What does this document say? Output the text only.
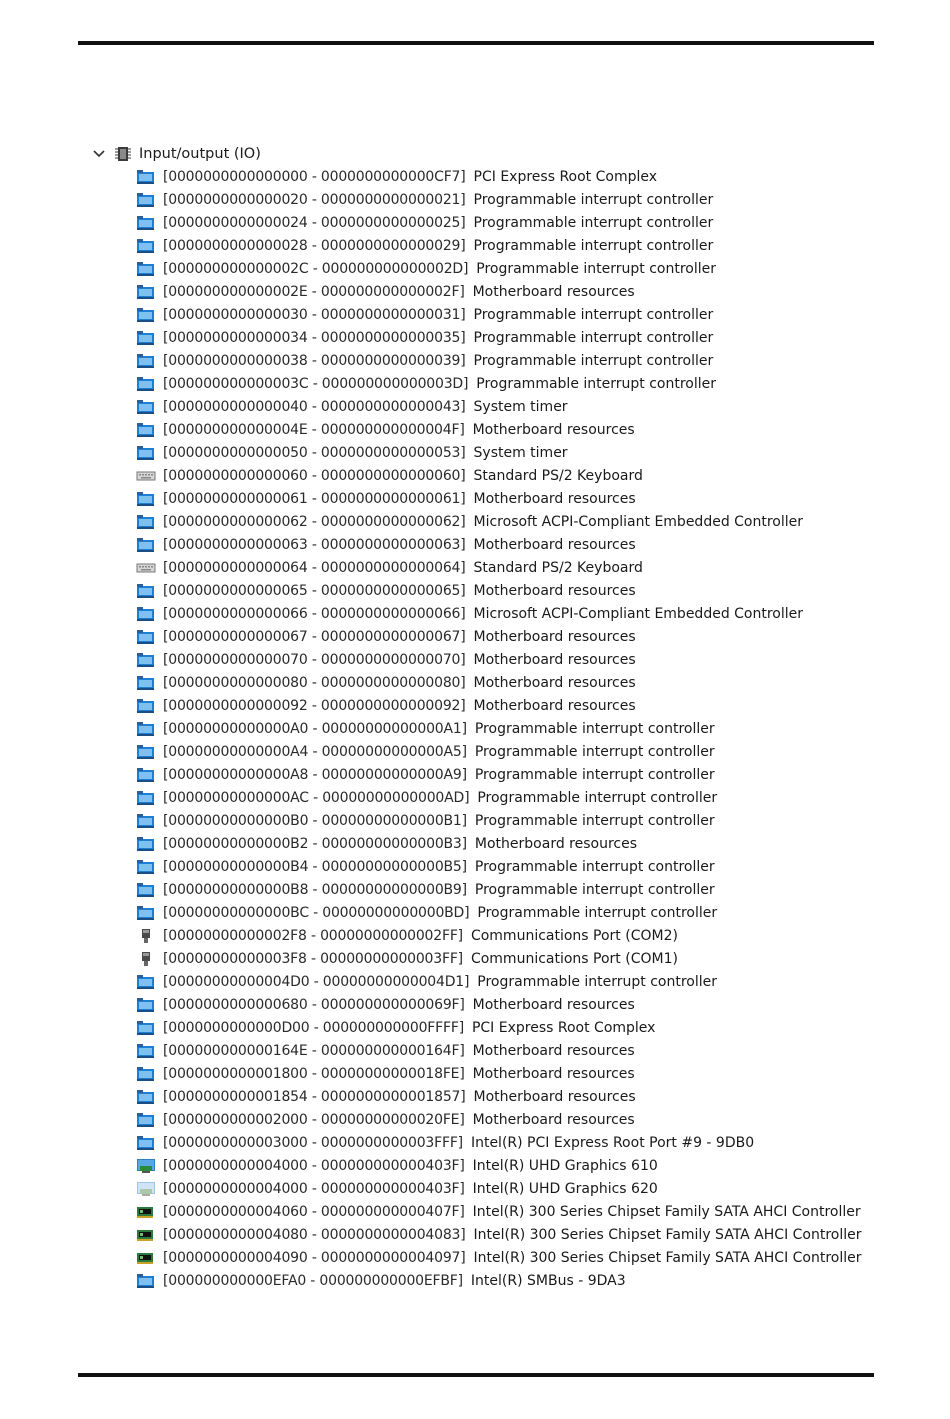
Input/output (IO)
[0000000000000000 - 0000000000000CF7] PCI Express Root Complex
[0000000000000020 - 0000000000000021] Programmable interrupt controller
[0000000000000024 - 0000000000000025] Programmable interrupt controller
[0000000000000028 - 0000000000000029] Programmable interrupt controller
[000000000000002C - 000000000000002D] Programmable interrupt controller
[000000000000002E - 000000000000002F] Motherboard resources
[0000000000000030 - 0000000000000031] Programmable interrupt controller
[0000000000000034 - 0000000000000035] Programmable interrupt controller
[0000000000000038 - 0000000000000039] Programmable interrupt controller
[000000000000003C - 000000000000003D] Programmable interrupt controller
[0000000000000040 - 0000000000000043] System timer
[000000000000004E - 000000000000004F] Motherboard resources
[0000000000000050 - 0000000000000053] System timer
[0000000000000060 - 0000000000000060] Standard PS/2 Keyboard
[0000000000000061 - 0000000000000061] Motherboard resources
[0000000000000062 - 0000000000000062] Microsoft ACPI-Compliant Embedded Controller
[0000000000000063 - 0000000000000063] Motherboard resources
[0000000000000064 - 0000000000000064] Standard PS/2 Keyboard
[0000000000000065 - 0000000000000065] Motherboard resources
[0000000000000066 - 0000000000000066] Microsoft ACPI-Compliant Embedded Controller
[0000000000000067 - 0000000000000067] Motherboard resources
[0000000000000070 - 0000000000000070] Motherboard resources
[0000000000000080 - 0000000000000080] Motherboard resources
[0000000000000092 - 0000000000000092] Motherboard resources
[00000000000000A0 - 00000000000000A1] Programmable interrupt controller
[00000000000000A4 - 00000000000000A5] Programmable interrupt controller
[00000000000000A8 - 00000000000000A9] Programmable interrupt controller
[00000000000000AC - 00000000000000AD] Programmable interrupt controller
[00000000000000B0 - 00000000000000B1] Programmable interrupt controller
[00000000000000B2 - 00000000000000B3] Motherboard resources
[00000000000000B4 - 00000000000000B5] Programmable interrupt controller
[00000000000000B8 - 00000000000000B9] Programmable interrupt controller
[00000000000000BC - 00000000000000BD] Programmable interrupt controller
[00000000000002F8 - 00000000000002FF] Communications Port (COM2)
[00000000000003F8 - 00000000000003FF] Communications Port (COM1)
[00000000000004D0 - 00000000000004D1] Programmable interrupt controller
[0000000000000680 - 000000000000069F] Motherboard resources
[0000000000000D00 - 000000000000FFFF] PCI Express Root Complex
[000000000000164E - 000000000000164F] Motherboard resources
[0000000000001800 - 00000000000018FE] Motherboard resources
[0000000000001854 - 0000000000001857] Motherboard resources
[0000000000002000 - 00000000000020FE] Motherboard resources
[0000000000003000 - 0000000000003FFF] Intel(R) PCI Express Root Port #9 - 9DB0
[0000000000004000 - 000000000000403F] Intel(R) UHD Graphics 610
[0000000000004000 - 000000000000403F] Intel(R) UHD Graphics 620
[0000000000004060 - 000000000000407F] Intel(R) 300 Series Chipset Family SATA AHCI Controller
[0000000000004080 - 0000000000004083] Intel(R) 300 Series Chipset Family SATA AHCI Controller
[0000000000004090 - 0000000000004097] Intel(R) 300 Series Chipset Family SATA AHCI Controller
[000000000000EFA0 - 000000000000EFBF] Intel(R) SMBus - 9DA3
